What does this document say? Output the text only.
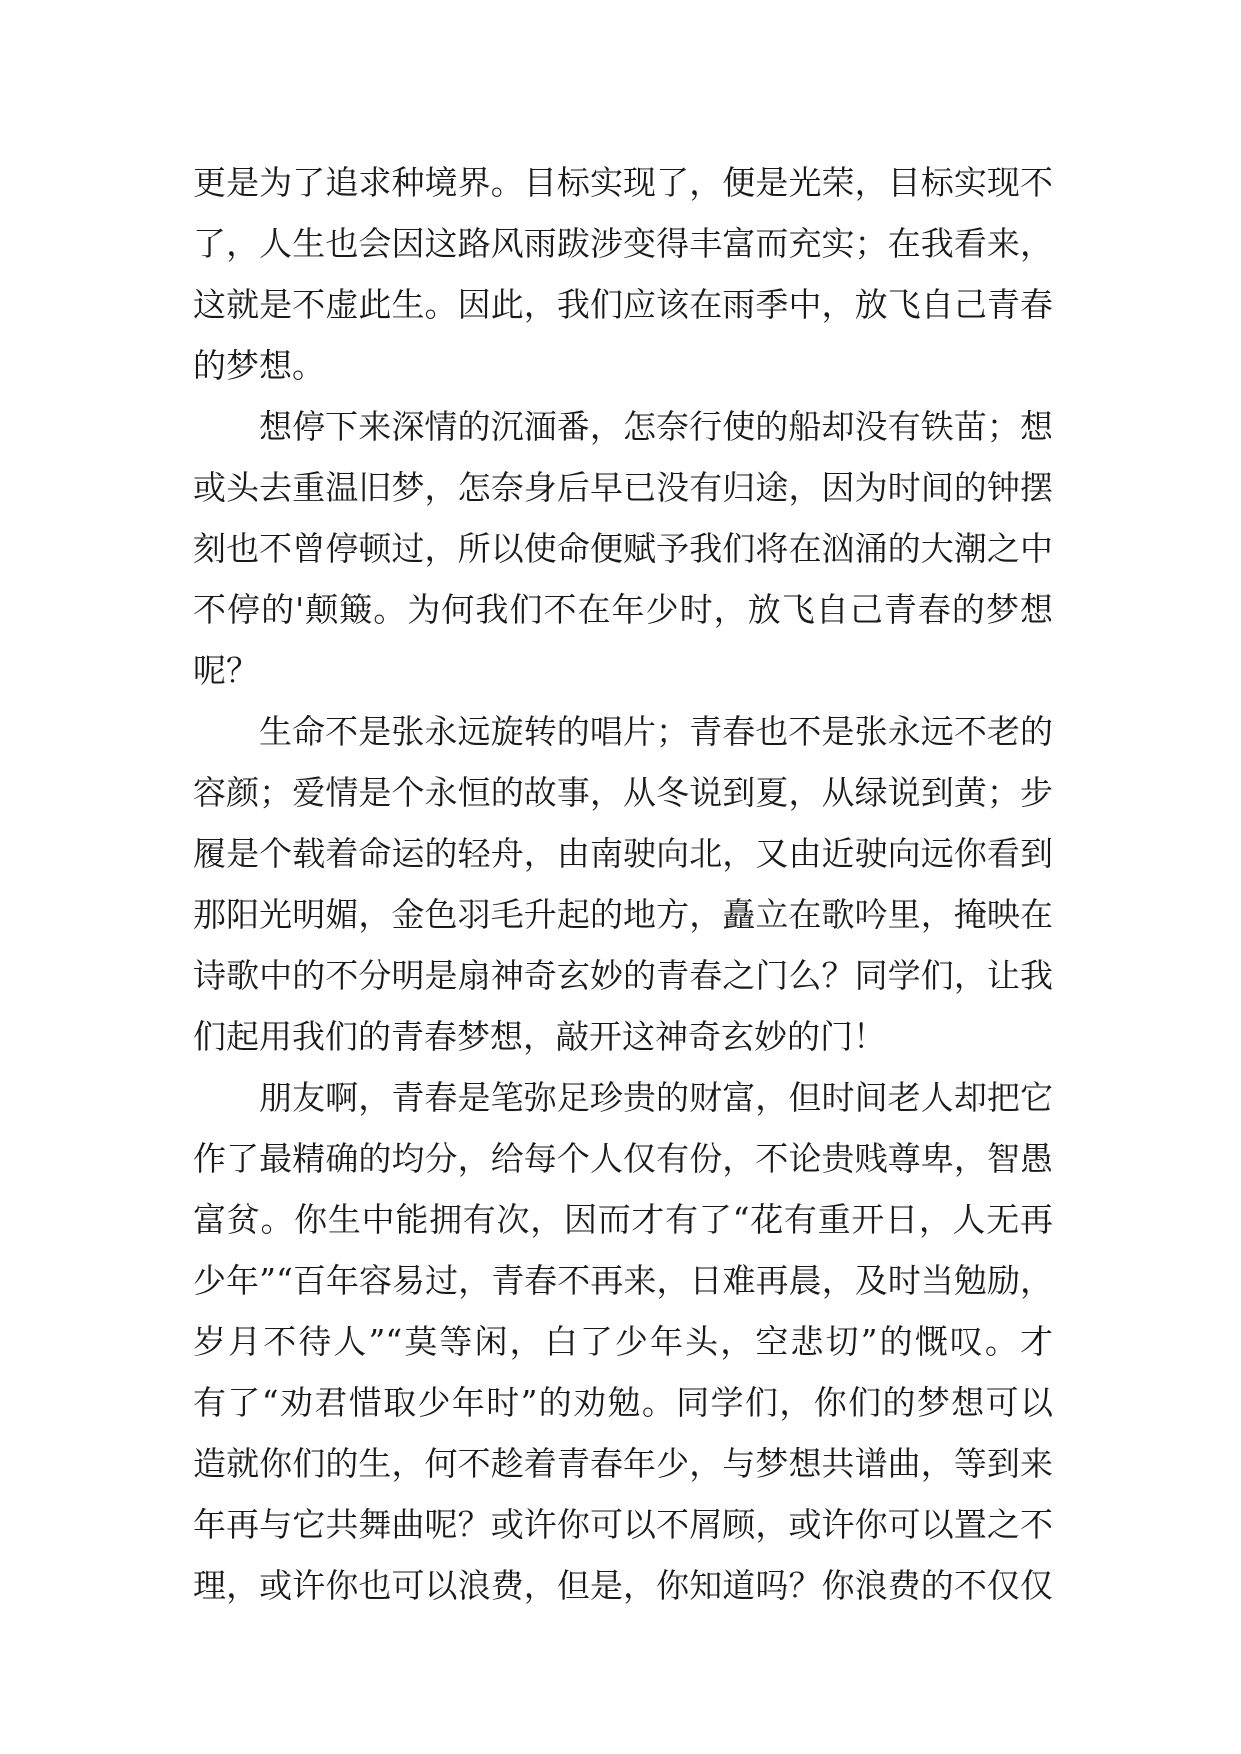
更是为了追求种境界。目标实现了，便是光荣，目标实现不
了，人生也会因这路风雨跋涉变得丰富而充实；在我看来，
这就是不虚此生。因此，我们应该在雨季中，放飞自己青春
的梦想。
想停下来深情的沉湎番，怎奈行使的船却没有铁苗；想
或头去重温旧梦，怎奈身后早已没有归途，因为时间的钟摆
刻也不曾停顿过，所以使命便赋予我们将在汹涌的大潮之中
不停的'颠簸。为何我们不在年少时，放飞自己青春的梦想
呢？
生命不是张永远旋转的唱片；青春也不是张永远不老的
容颜；爱情是个永恒的故事，从冬说到夏，从绿说到黄；步
履是个载着命运的轻舟，由南驶向北，又由近驶向远你看到
那阳光明媚，金色羽毛升起的地方，矗立在歌吟里，掩映在
诗歌中的不分明是扇神奇玄妙的青春之门么？同学们，让我
们起用我们的青春梦想，敲开这神奇玄妙的门！
朋友啊，青春是笔弥足珍贵的财富，但时间老人却把它
作了最精确的均分，给每个人仅有份，不论贵贱尊卑，智愚
富贫。你生中能拥有次，因而才有了“花有重开日，人无再
少年”“百年容易过，青春不再来，日难再晨，及时当勉励，
岁月不待人”“莫等闲，白了少年头，空悲切”的慨叹。才
有了“劝君惜取少年时”的劝勉。同学们，你们的梦想可以
造就你们的生，何不趁着青春年少，与梦想共谱曲，等到来
年再与它共舞曲呢？或许你可以不屑顾，或许你可以置之不
理，或许你也可以浪费，但是，你知道吗？你浪费的不仅仅
